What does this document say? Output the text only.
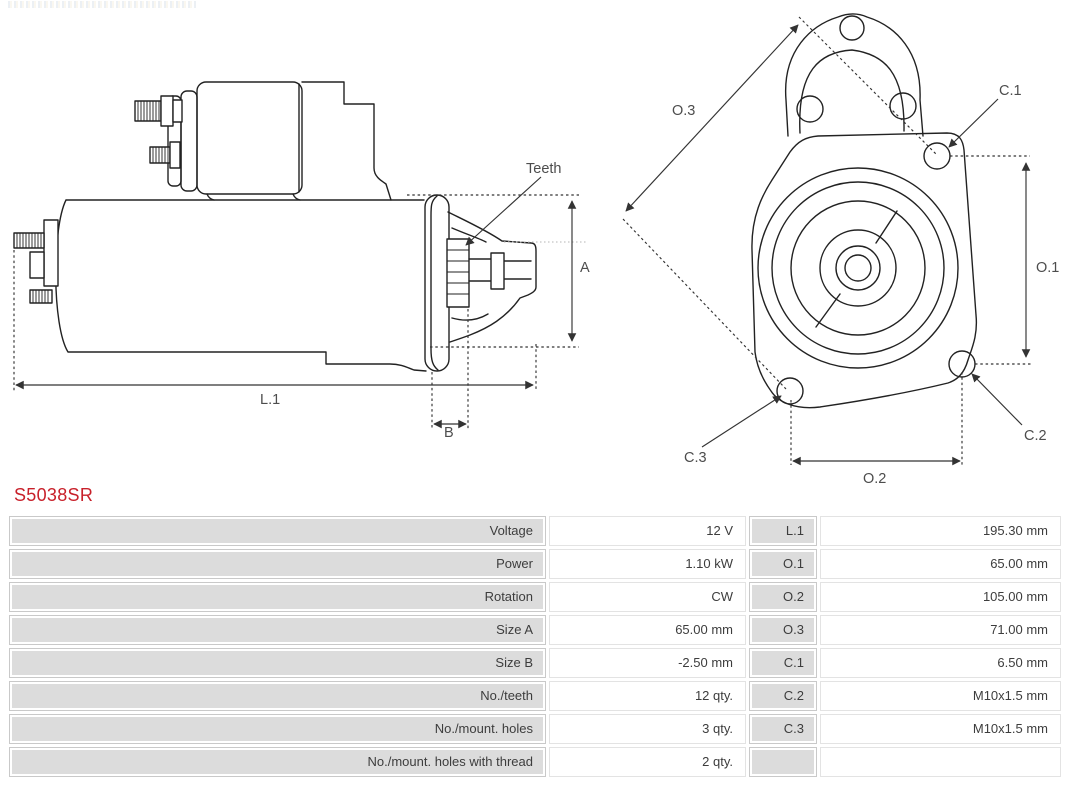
Teeth
A
L.1
B
O.3
C.1
O.1
C.2
C.3
O.2
S5038SR
Voltage	12 V	L.1	195.30 mm
Power	1.10 kW	O.1	65.00 mm
Rotation	CW	O.2	105.00 mm
Size A	65.00 mm	O.3	71.00 mm
Size B	-2.50 mm	C.1	6.50 mm
No./teeth	12 qty.	C.2	M10x1.5 mm
No./mount. holes	3 qty.	C.3	M10x1.5 mm
No./mount. holes with thread	2 qty.
